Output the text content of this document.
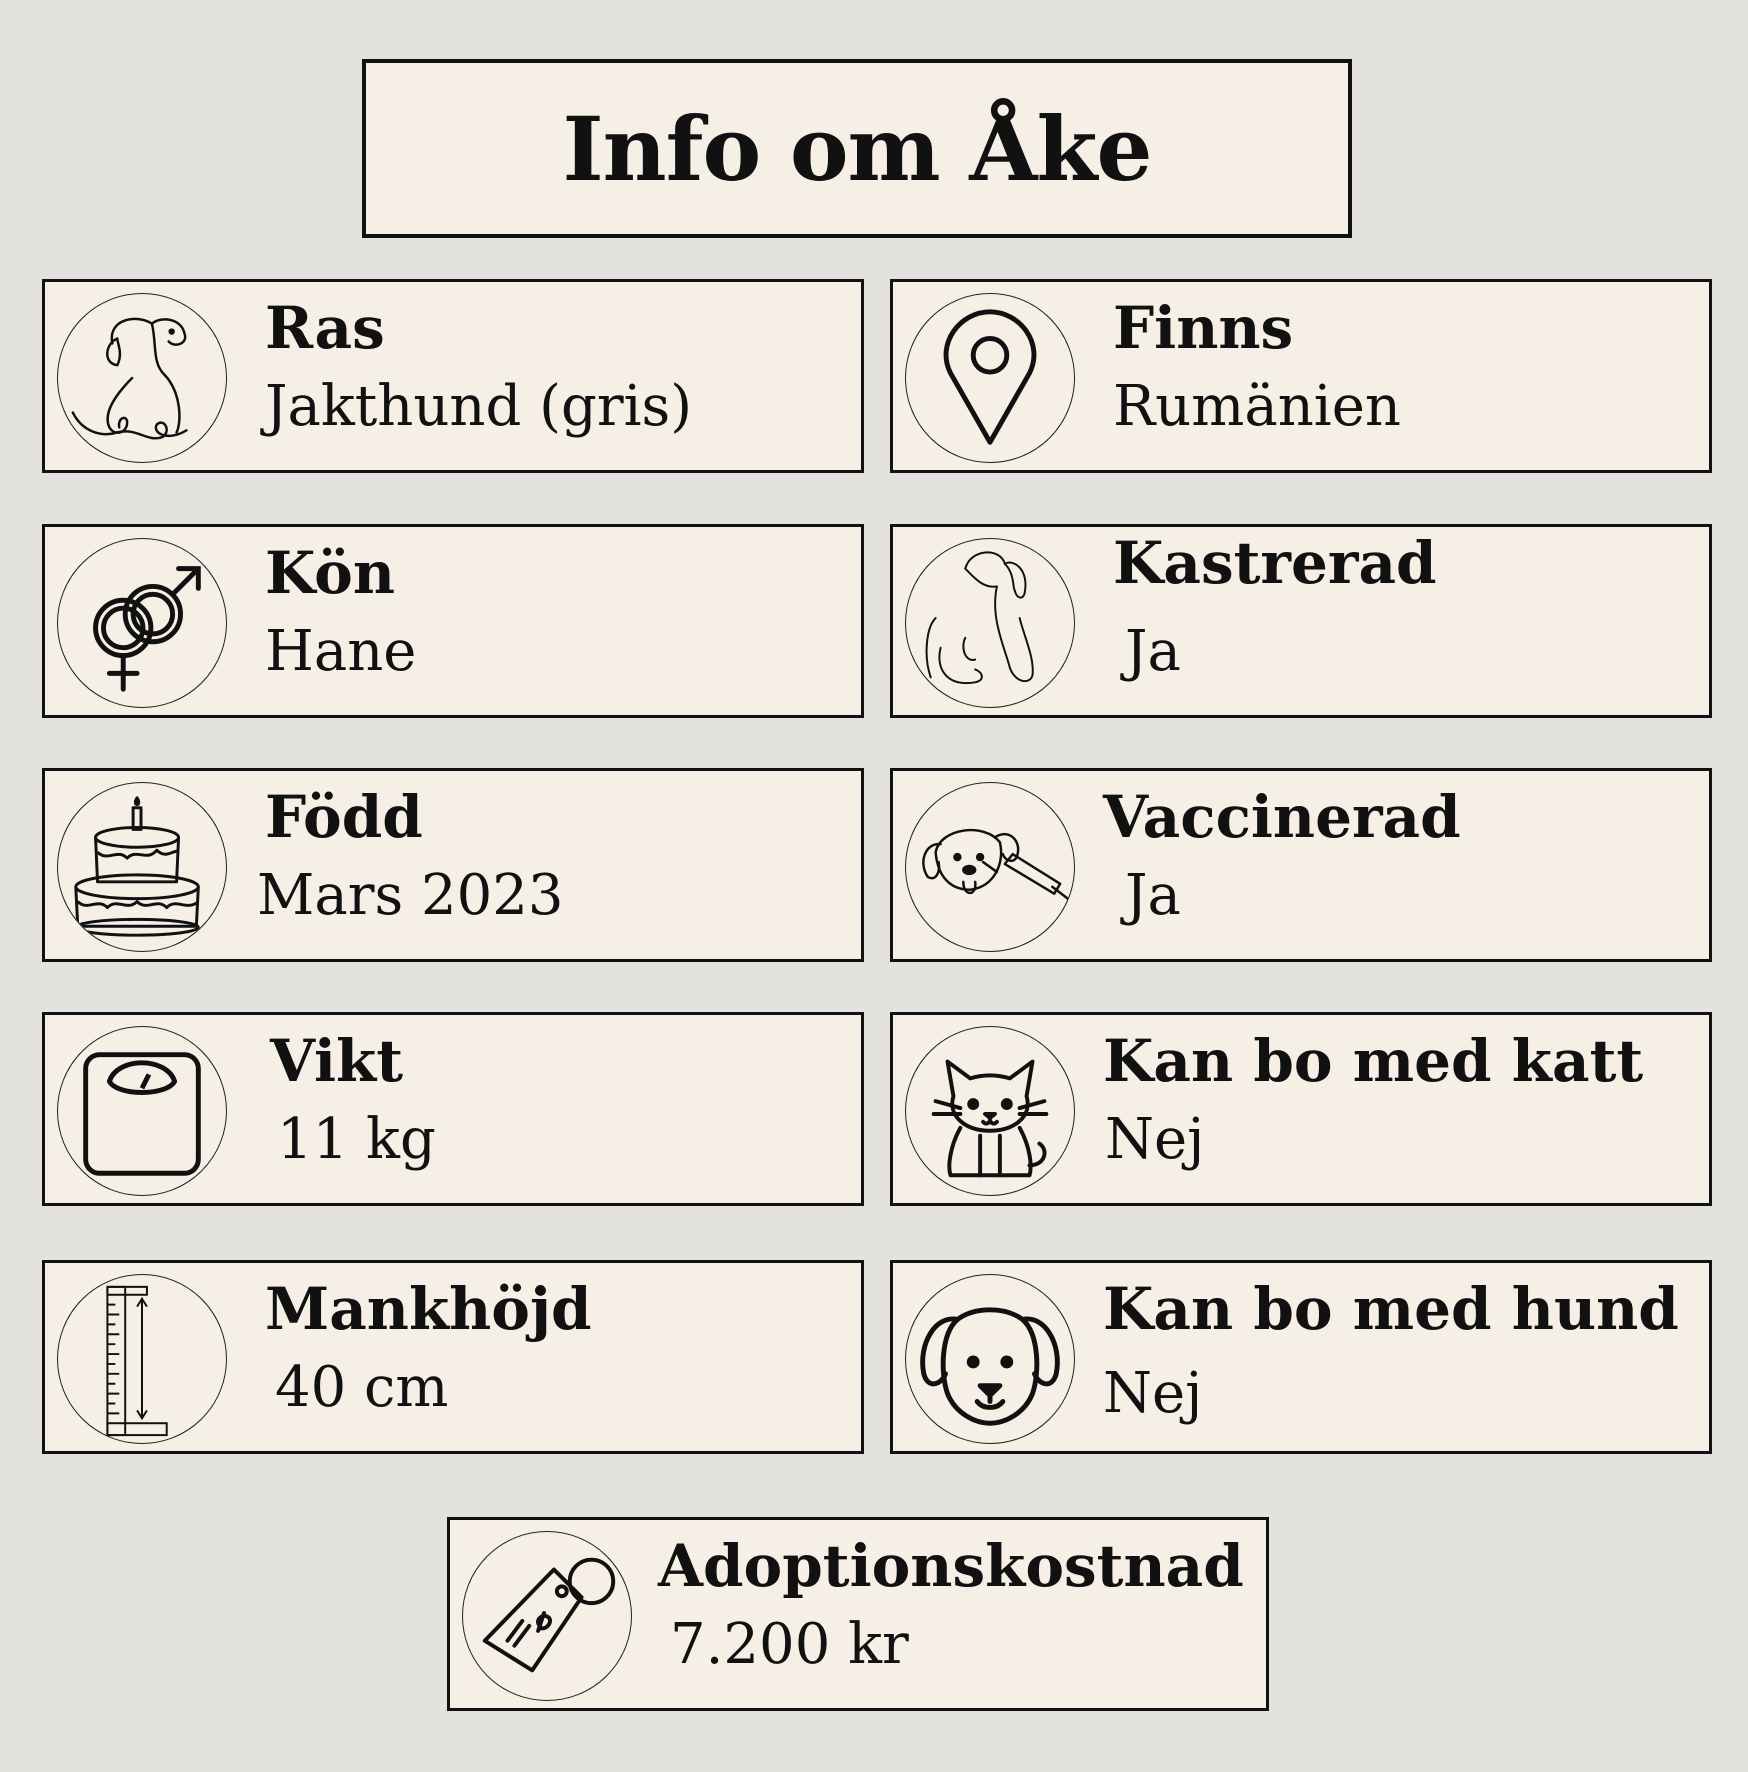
Info om Åke
Ras
Jakthund (gris)
Finns
Rumänien
Kön
Hane
Kastrerad
Ja
Född
Mars 2023
Vaccinerad
Ja
Vikt
11 kg
Kan bo med katt
Nej
Mankhöjd
40 cm
Kan bo med hund
Nej
Adoptionskostnad
7.200 kr
